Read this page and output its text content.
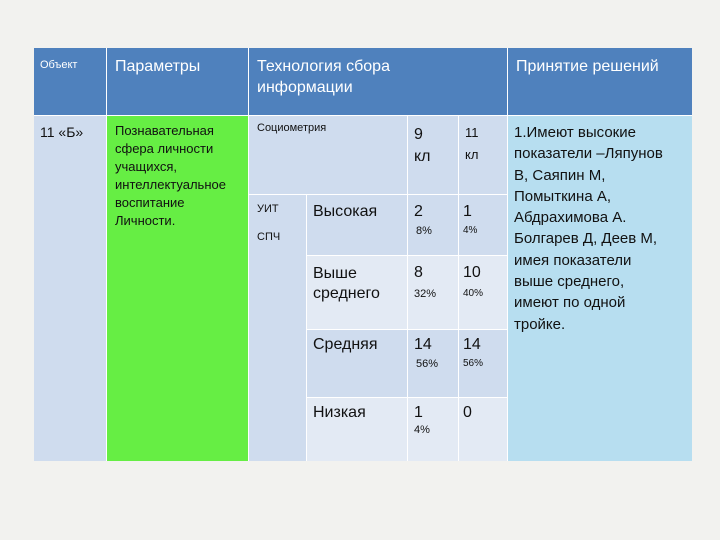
Объект Параметры	Технология сбора
информации
Принятие решений
11 «Б» Познавательная
сфера личности
учащихся,
интеллектуальное
воспитание
Личности.
Социометрия
УИТ
СПЧ
Высокая
Выше
среднего
Средняя
Низкая
9
кл
2
8%
8
32%
14
56%
1
4%
11
кл
1
4%
10
40%
14
56%
0
1.Имеют высокие
показатели –Ляпунов
В, Саяпин М,
Помыткина А,
Абдрахимова А.
Болгарев Д, Деев М,
имея показатели
выше среднего,
имеют по одной
тройке.
